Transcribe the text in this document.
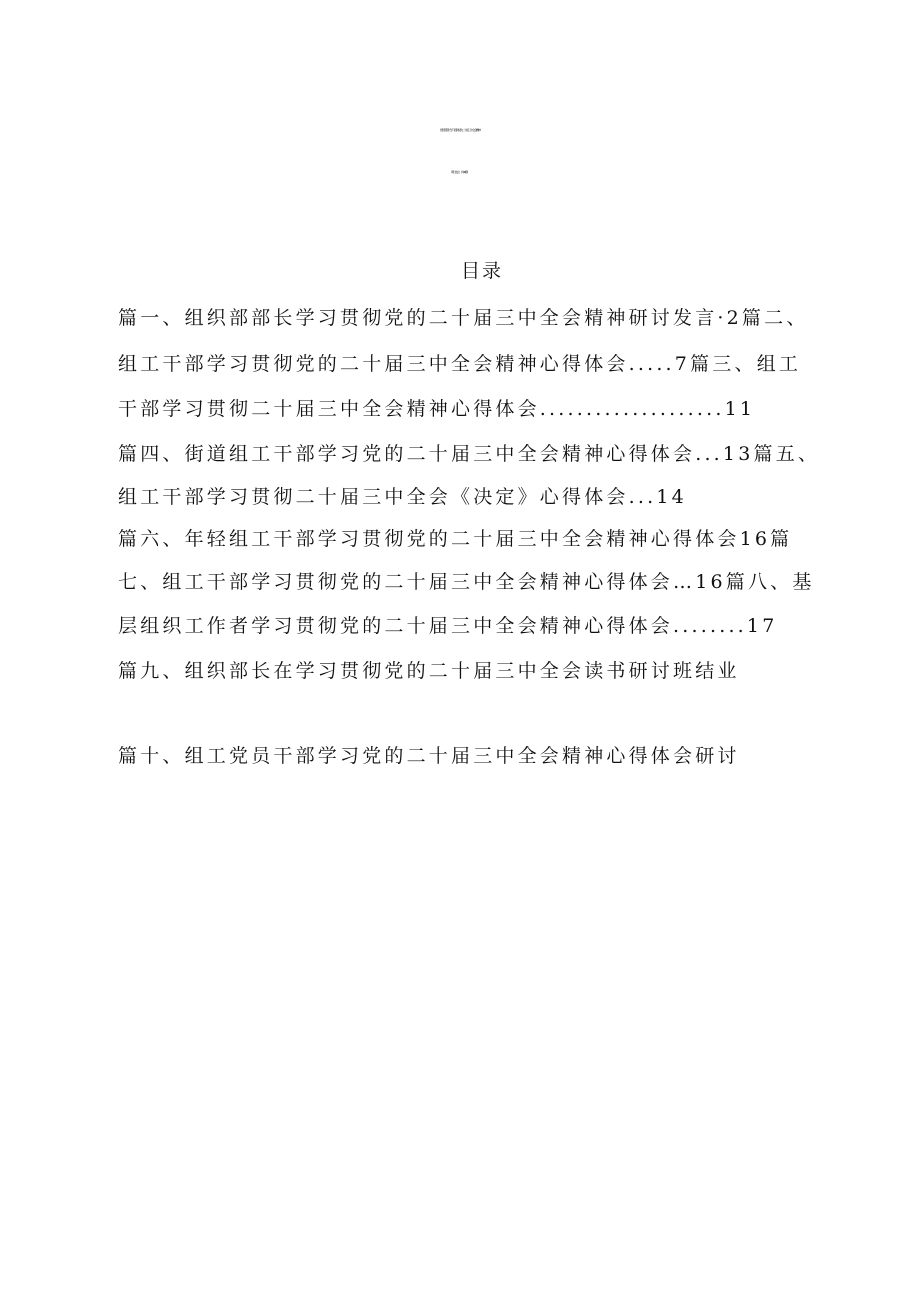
组织部部长学习贯彻党的二十届三中全会精神
研讨发言（共12篇）
目录
篇一、组织部部长学习贯彻党的二十届三中全会精神研讨发言·2篇二、
组工干部学习贯彻党的二十届三中全会精神心得体会.....7篇三、组工
干部学习贯彻二十届三中全会精神心得体会....................11
篇四、街道组工干部学习党的二十届三中全会精神心得体会...13篇五、
组工干部学习贯彻二十届三中全会《决定》心得体会...14
篇六、年轻组工干部学习贯彻党的二十届三中全会精神心得体会16篇
七、组工干部学习贯彻党的二十届三中全会精神心得体会…16篇八、基
层组织工作者学习贯彻党的二十届三中全会精神心得体会........17
篇九、组织部长在学习贯彻党的二十届三中全会读书研讨班结业
篇十、组工党员干部学习党的二十届三中全会精神心得体会研讨
